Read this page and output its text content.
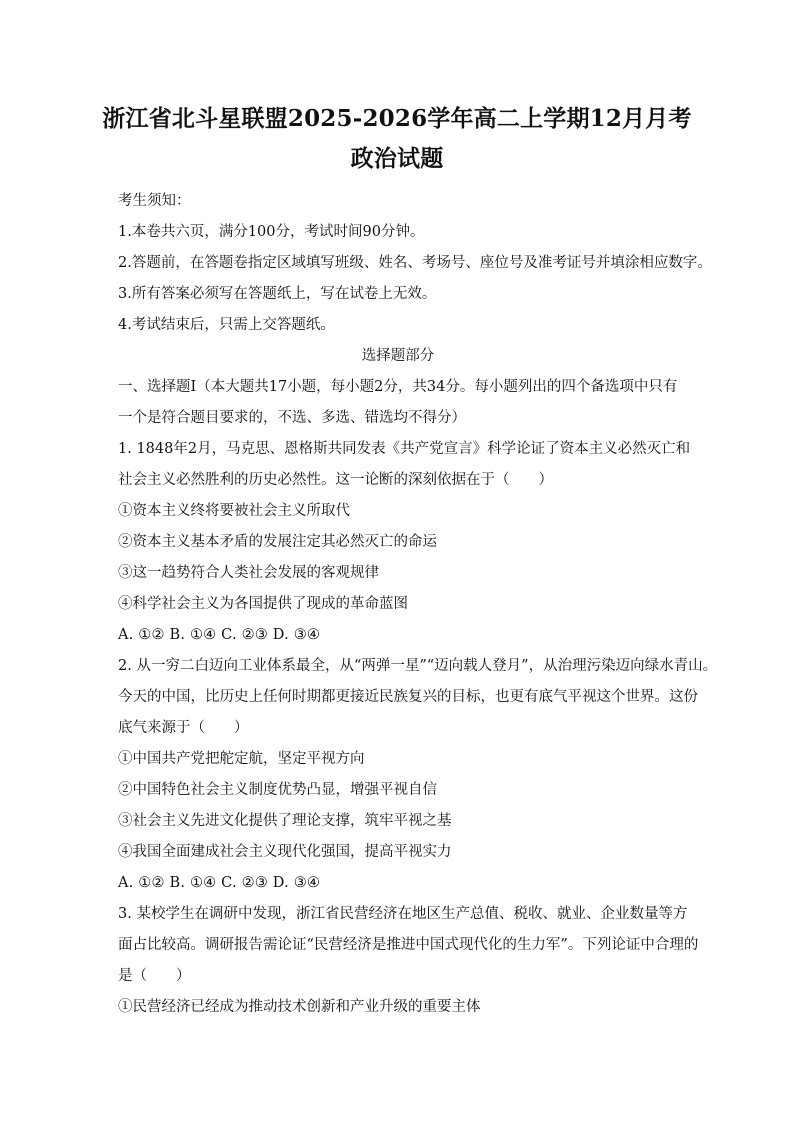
浙江省北斗星联盟2025-2026学年高二上学期12月月考
政治试题
考生须知：
1.本卷共六页，满分100分，考试时间90分钟。
2.答题前，在答题卷指定区域填写班级、姓名、考场号、座位号及准考证号并填涂相应数字。
3.所有答案必须写在答题纸上，写在试卷上无效。
4.考试结束后，只需上交答题纸。
选择题部分
一、选择题Ⅰ（本大题共17小题，每小题2分，共34分。每小题列出的四个备选项中只有
一个是符合题目要求的，不选、多选、错选均不得分）
1. 1848年2月，马克思、恩格斯共同发表《共产党宣言》科学论证了资本主义必然灭亡和
社会主义必然胜利的历史必然性。这一论断的深刻依据在于（　　）
①资本主义终将要被社会主义所取代
②资本主义基本矛盾的发展注定其必然灭亡的命运
③这一趋势符合人类社会发展的客观规律
④科学社会主义为各国提供了现成的革命蓝图
A. ①② B. ①④ C. ②③ D. ③④
2. 从一穷二白迈向工业体系最全，从“两弹一星”“迈向载人登月”，从治理污染迈向绿水青山。
今天的中国，比历史上任何时期都更接近民族复兴的目标，也更有底气平视这个世界。这份
底气来源于（　　）
①中国共产党把舵定航，坚定平视方向
②中国特色社会主义制度优势凸显，增强平视自信
③社会主义先进文化提供了理论支撑，筑牢平视之基
④我国全面建成社会主义现代化强国，提高平视实力
A. ①② B. ①④ C. ②③ D. ③④
3. 某校学生在调研中发现，浙江省民营经济在地区生产总值、税收、就业、企业数量等方
面占比较高。调研报告需论证“民营经济是推进中国式现代化的生力军”。下列论证中合理的
是（　　）
①民营经济已经成为推动技术创新和产业升级的重要主体
